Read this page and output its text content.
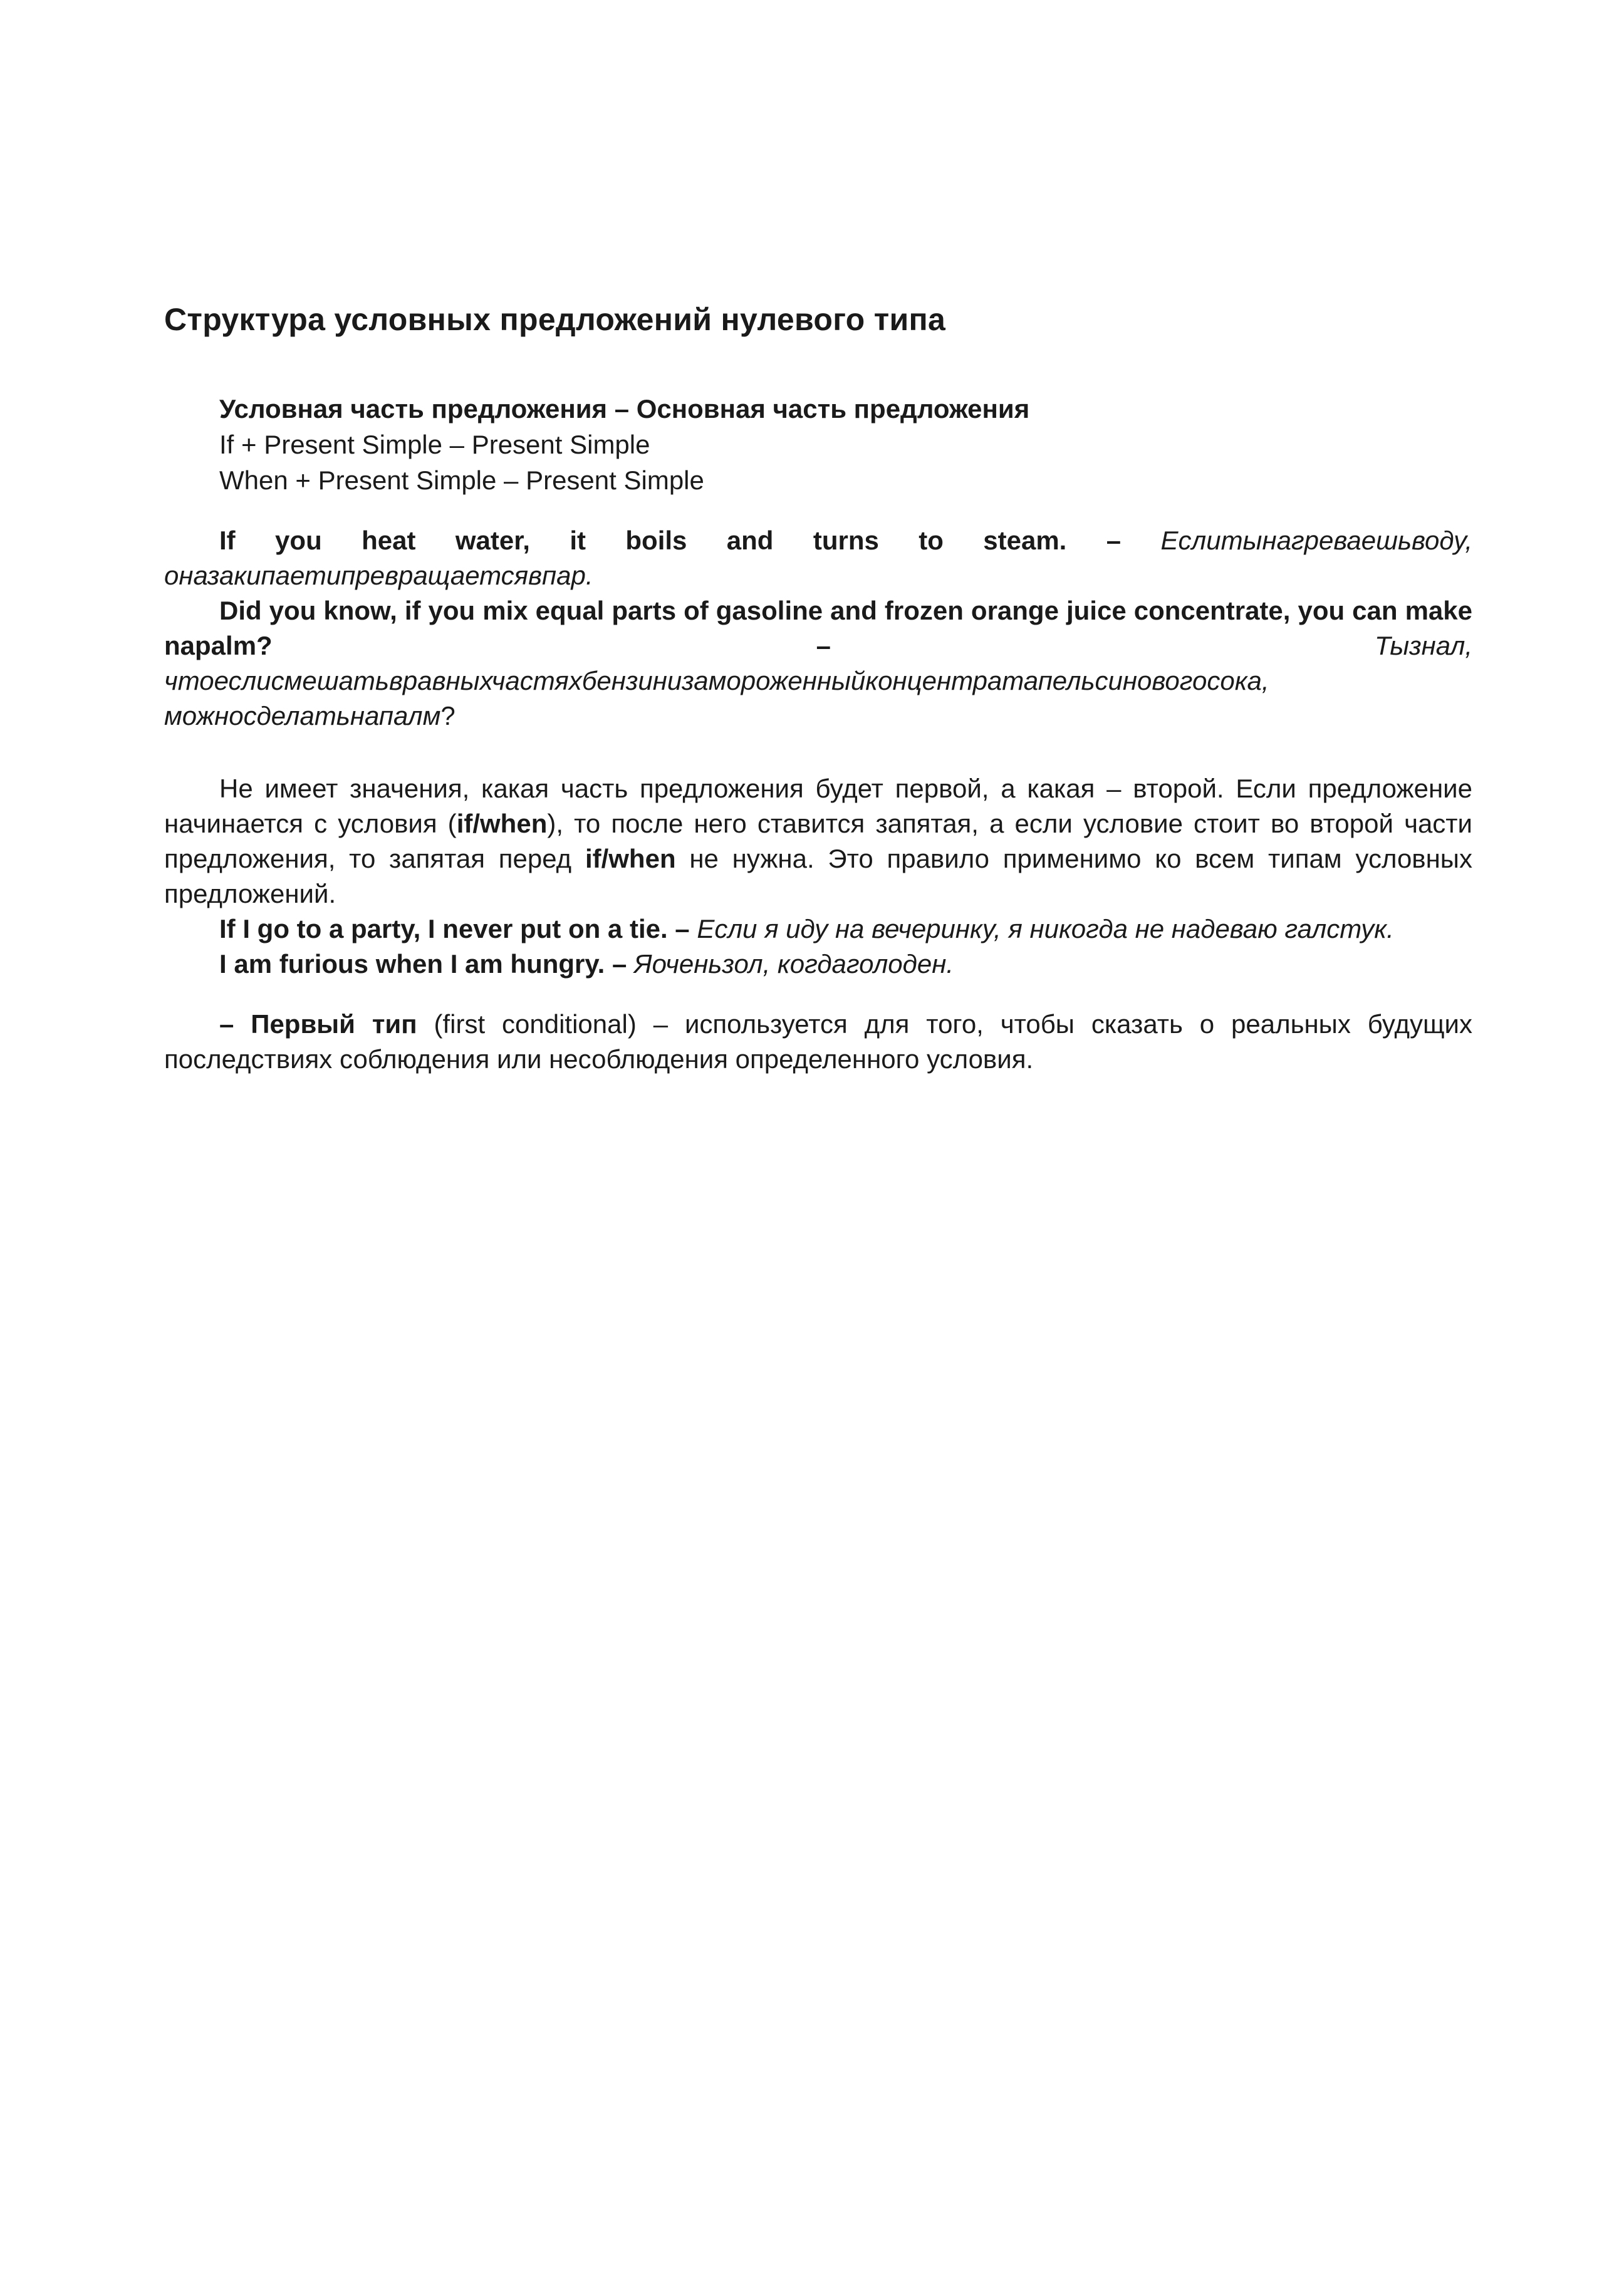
Структура условных предложений нулевого типа
Условная часть предложения – Основная часть предложения
If + Present Simple – Present Simple
When + Present Simple – Present Simple

If you heat water, it boils and turns to steam. – Еслитынагреваешьводу, оназакипаетипревращаетсявпар.

Did you know, if you mix equal parts of gasoline and frozen orange juice concentrate, you can make napalm? –	Тызнал, чтоеслисмешатьвравныхчастяхбензинизамороженныйконцентратапельсиновогосока, можносделатьнапалм?

Не имеет значения, какая часть предложения будет первой, а какая – второй. Если предложение начинается с условия (if/when), то после него ставится запятая, а если условие стоит во второй части предложения, то запятая перед if/when не нужна. Это правило применимо ко всем типам условных предложений.

If I go to a party, I never put on a tie. – Если я иду на вечеринку, я никогда не надеваю галстук.

I am furious when I am hungry. – Яоченьзол, когдаголоден.

– Первый тип (first conditional) – используется для того, чтобы сказать о реальных будущих последствиях соблюдения или несоблюдения определенного условия.
